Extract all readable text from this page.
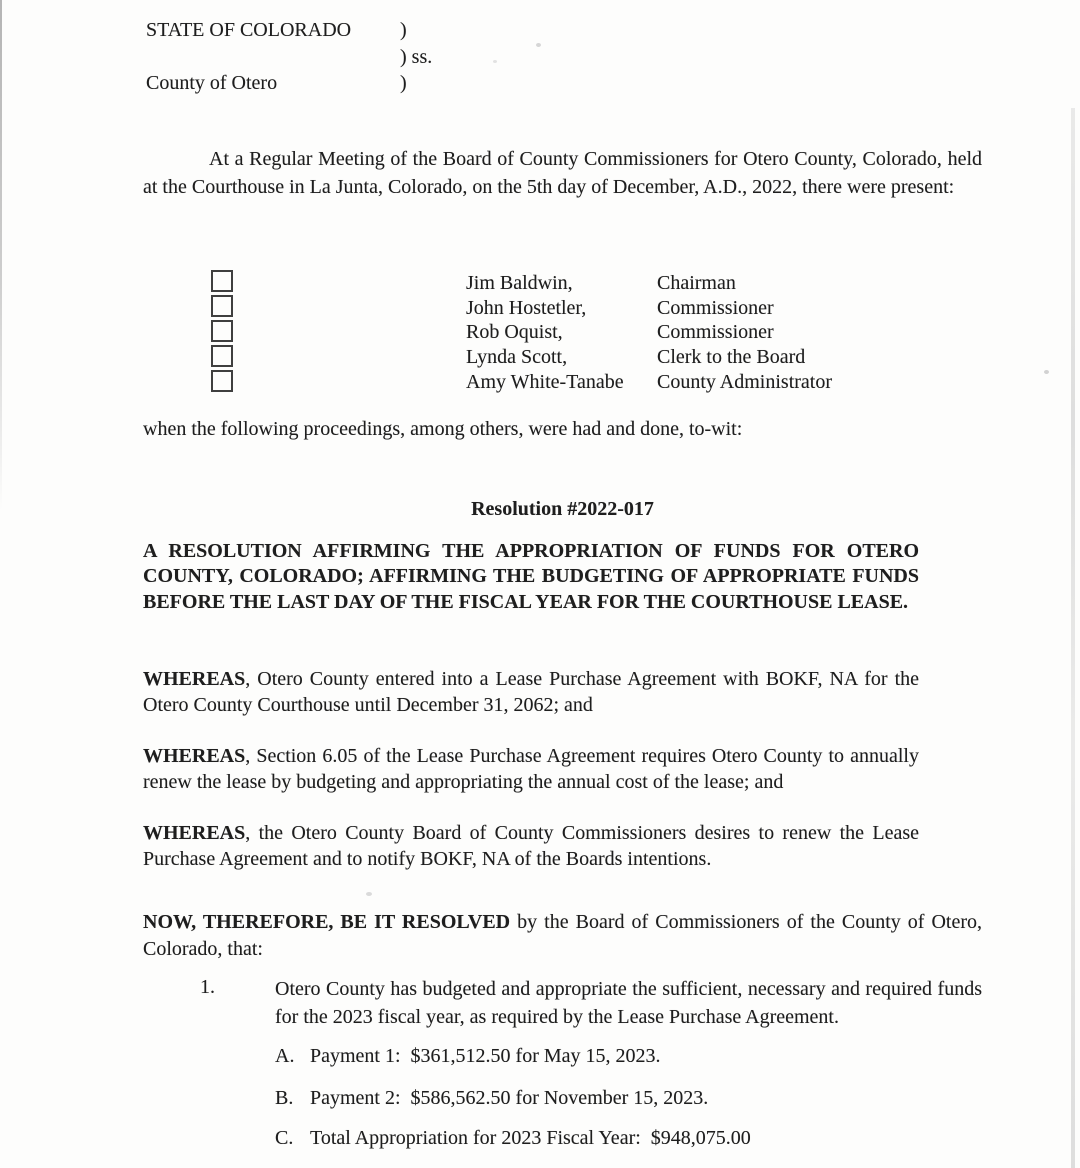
STATE OF COLORADO	)
) ss.
County of Otero	)

At a Regular Meeting of the Board of County Commissioners for Otero County, Colorado, held at the Courthouse in La Junta, Colorado, on the 5th day of December, A.D., 2022, there were present:

Jim Baldwin,	Chairman
John Hostetler,	Commissioner
Rob Oquist,	Commissioner
Lynda Scott,	Clerk to the Board
Amy White-Tanabe	County Administrator

when the following proceedings, among others, were had and done, to-wit:

Resolution #2022-017

A RESOLUTION AFFIRMING THE APPROPRIATION OF FUNDS FOR OTERO COUNTY, COLORADO; AFFIRMING THE BUDGETING OF APPROPRIATE FUNDS BEFORE THE LAST DAY OF THE FISCAL YEAR FOR THE COURTHOUSE LEASE.

WHEREAS, Otero County entered into a Lease Purchase Agreement with BOKF, NA for the Otero County Courthouse until December 31, 2062; and

WHEREAS, Section 6.05 of the Lease Purchase Agreement requires Otero County to annually renew the lease by budgeting and appropriating the annual cost of the lease; and

WHEREAS, the Otero County Board of County Commissioners desires to renew the Lease Purchase Agreement and to notify BOKF, NA of the Boards intentions.

NOW, THEREFORE, BE IT RESOLVED by the Board of Commissioners of the County of Otero, Colorado, that:

1.	Otero County has budgeted and appropriate the sufficient, necessary and required funds for the 2023 fiscal year, as required by the Lease Purchase Agreement.
A. Payment 1:  $361,512.50 for May 15, 2023.
B. Payment 2:  $586,562.50 for November 15, 2023.
C. Total Appropriation for 2023 Fiscal Year:  $948,075.00
